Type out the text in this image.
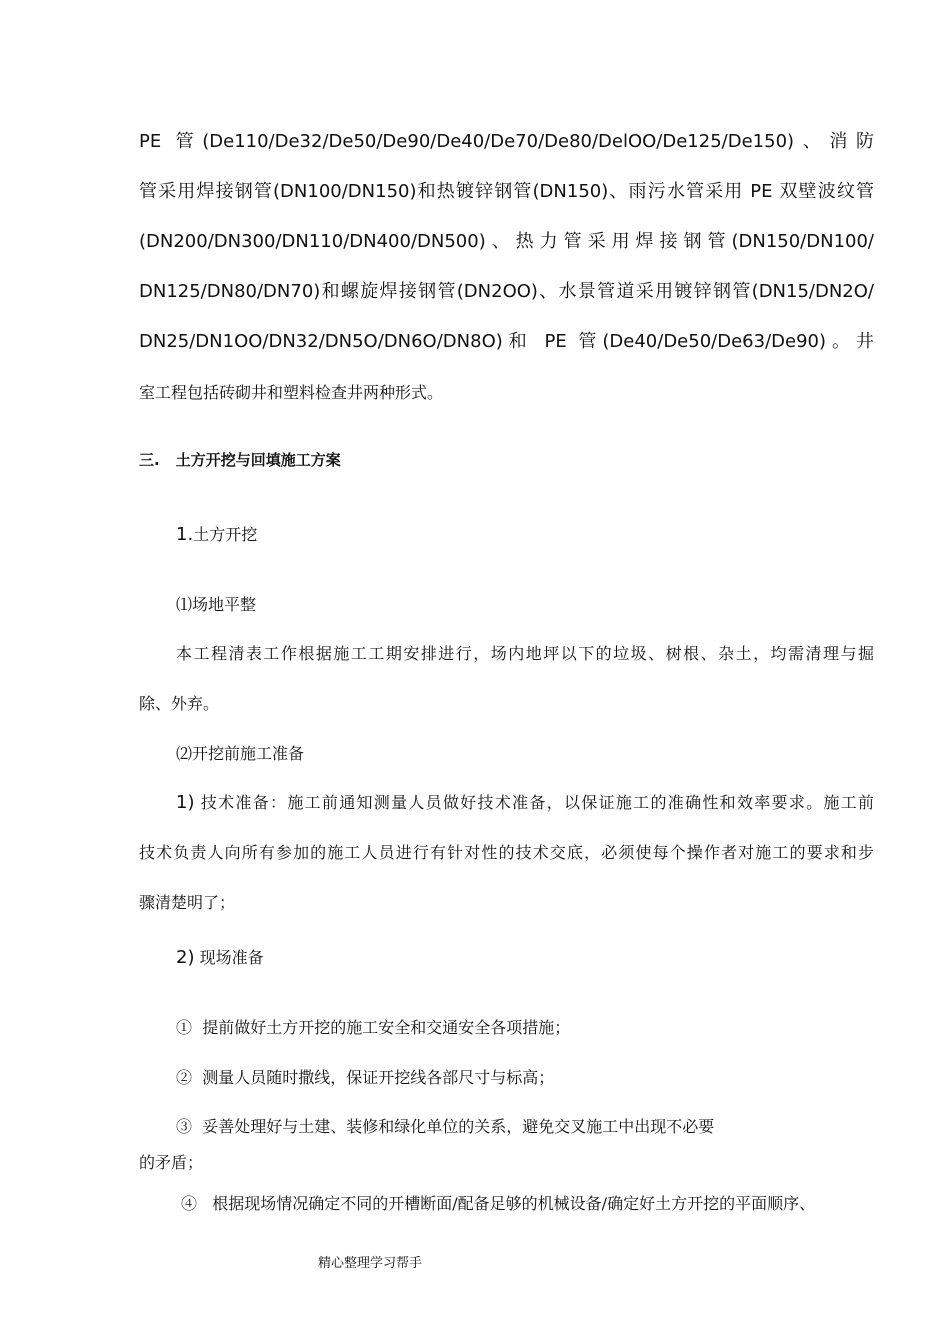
PE 管(De110/De32/De50/De90/De40/De70/De80/DelOO/De125/De150)、消防
管采用焊接钢管(DN100/DN150)和热镀锌钢管(DN150)、雨污水管采用 PE 双壁波纹管
(DN200/DN300/DN110/DN400/DN500)、热力管采用焊接钢管(DN150/DN100/
DN125/DN80/DN70)和螺旋焊接钢管(DN2OO)、水景管道采用镀锌钢管(DN15/DN2O/
DN25/DN1OO/DN32/DN5O/DN6O/DN8O)和 PE 管(De40/De50/De63/De90)。井
室工程包括砖砌井和塑料检查井两种形式。
三. 土方开挖与回填施工方案
1.土方开挖
⑴场地平整
本工程清表工作根据施工工期安排进行，场内地坪以下的垃圾、树根、杂土，均需清理与掘
除、外弃。
⑵开挖前施工准备
1) 技术准备：施工前通知测量人员做好技术准备，以保证施工的准确性和效率要求。施工前
技术负责人向所有参加的施工人员进行有针对性的技术交底，必须使每个操作者对施工的要求和步
骤清楚明了；
2) 现场准备
① 提前做好土方开挖的施工安全和交通安全各项措施；
② 测量人员随时撒线，保证开挖线各部尺寸与标高；
③ 妥善处理好与土建、装修和绿化单位的关系，避免交叉施工中出现不必要
的矛盾；
④ 根据现场情况确定不同的开槽断面/配备足够的机械设备/确定好土方开挖的平面顺序、
精心整理学习帮手
